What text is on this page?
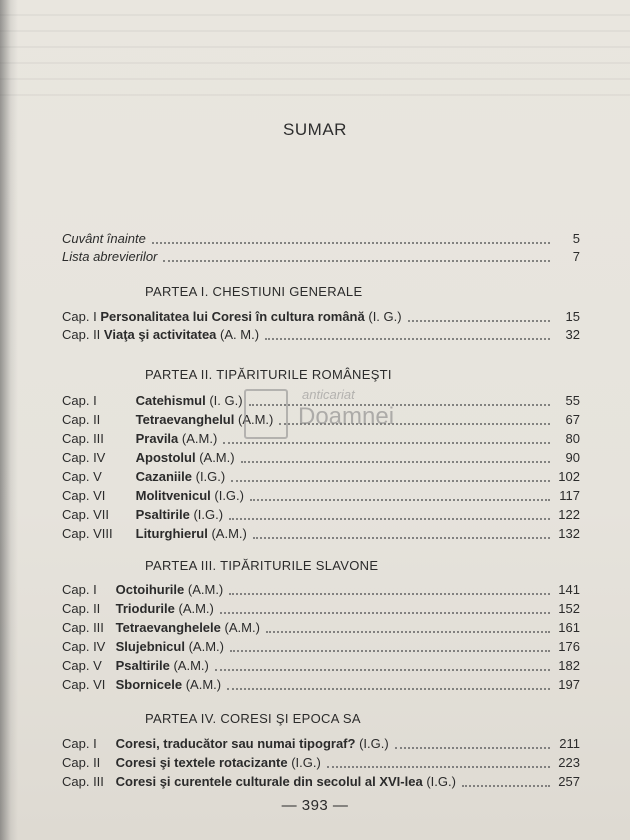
SUMAR
Cuvânt înainte	5
Lista abrevierilor	7
PARTEA I. CHESTIUNI GENERALE
Cap. I Personalitatea lui Coresi în cultura română (I. G.)	15
Cap. II Viaţa şi activitatea (A. M.)	32
PARTEA II. TIPĂRITURILE ROMÂNEŞTI
Cap. I	Catehismul (I. G.)	55
Cap. II	Tetraevanghelul (A.M.)	67
Cap. III Pravila (A.M.)	80
Cap. IV Apostolul (A.M.)	90
Cap. V	Cazaniile (I.G.)	102
Cap. VI Molitvenicul (I.G.)	117
Cap. VII Psaltirile (I.G.)	122
Cap. VIII Liturghierul (A.M.)	132
PARTEA III. TIPĂRITURILE SLAVONE
Cap. I Octoihurile (A.M.)	141
Cap. II Triodurile (A.M.)	152
Cap. III Tetraevanghelele (A.M.)	161
Cap. IV Slujebnicul (A.M.)	176
Cap. V Psaltirile (A.M.)	182
Cap. VI Sbornicele (A.M.)	197
PARTEA IV. CORESI ŞI EPOCA SA
Cap. I Coresi, traducător sau numai tipograf? (I.G.)	211
Cap. II Coresi şi textele rotacizante (I.G.)	223
Cap. III Coresi şi curentele culturale din secolul al XVI-lea (I.G.)	257
anticariat
Doamnei
— 393 —
